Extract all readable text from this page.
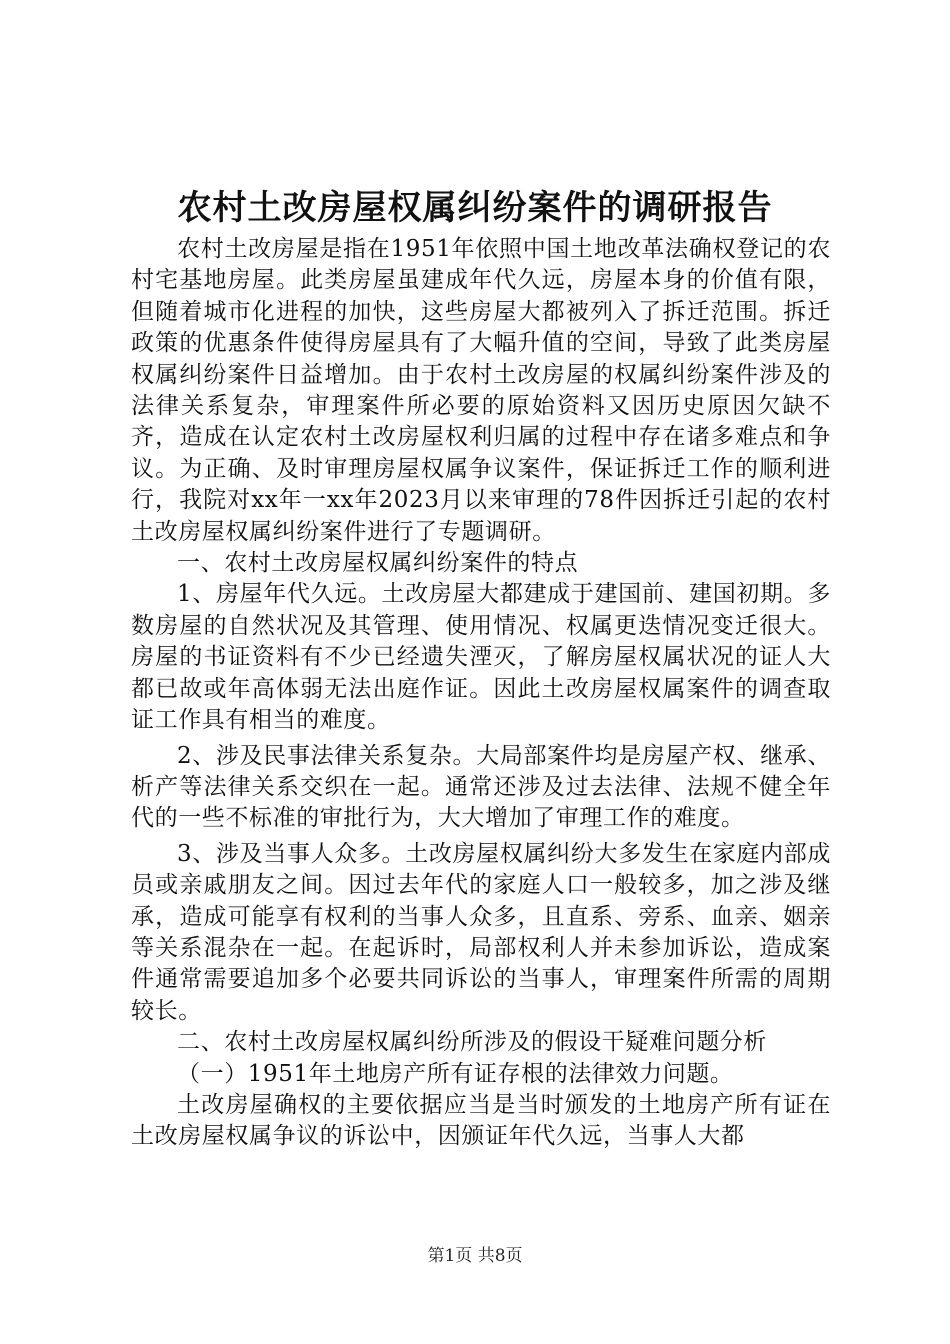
农村土改房屋权属纠纷案件的调研报告

农村土改房屋是指在1951年依照中国土地改革法确权登记的农村宅基地房屋。此类房屋虽建成年代久远，房屋本身的价值有限，但随着城市化进程的加快，这些房屋大都被列入了拆迁范围。拆迁政策的优惠条件使得房屋具有了大幅升值的空间，导致了此类房屋权属纠纷案件日益增加。由于农村土改房屋的权属纠纷案件涉及的法律关系复杂，审理案件所必要的原始资料又因历史原因欠缺不齐，造成在认定农村土改房屋权利归属的过程中存在诸多难点和争议。为正确、及时审理房屋权属争议案件，保证拆迁工作的顺利进行，我院对xx年一xx年2023月以来审理的78件因拆迁引起的农村土改房屋权属纠纷案件进行了专题调研。

一、农村土改房屋权属纠纷案件的特点

1、房屋年代久远。土改房屋大都建成于建国前、建国初期。多数房屋的自然状况及其管理、使用情况、权属更迭情况变迁很大。房屋的书证资料有不少已经遗失湮灭，了解房屋权属状况的证人大都已故或年高体弱无法出庭作证。因此土改房屋权属案件的调查取证工作具有相当的难度。

2、涉及民事法律关系复杂。大局部案件均是房屋产权、继承、析产等法律关系交织在一起。通常还涉及过去法律、法规不健全年代的一些不标准的审批行为，大大增加了审理工作的难度。

3、涉及当事人众多。土改房屋权属纠纷大多发生在家庭内部成员或亲戚朋友之间。因过去年代的家庭人口一般较多，加之涉及继承，造成可能享有权利的当事人众多，且直系、旁系、血亲、姻亲等关系混杂在一起。在起诉时，局部权利人并未参加诉讼，造成案件通常需要追加多个必要共同诉讼的当事人，审理案件所需的周期较长。

二、农村土改房屋权属纠纷所涉及的假设干疑难问题分析

（一）1951年土地房产所有证存根的法律效力问题。

土改房屋确权的主要依据应当是当时颁发的土地房产所有证在土改房屋权属争议的诉讼中，因颁证年代久远，当事人大都

第1页 共8页
